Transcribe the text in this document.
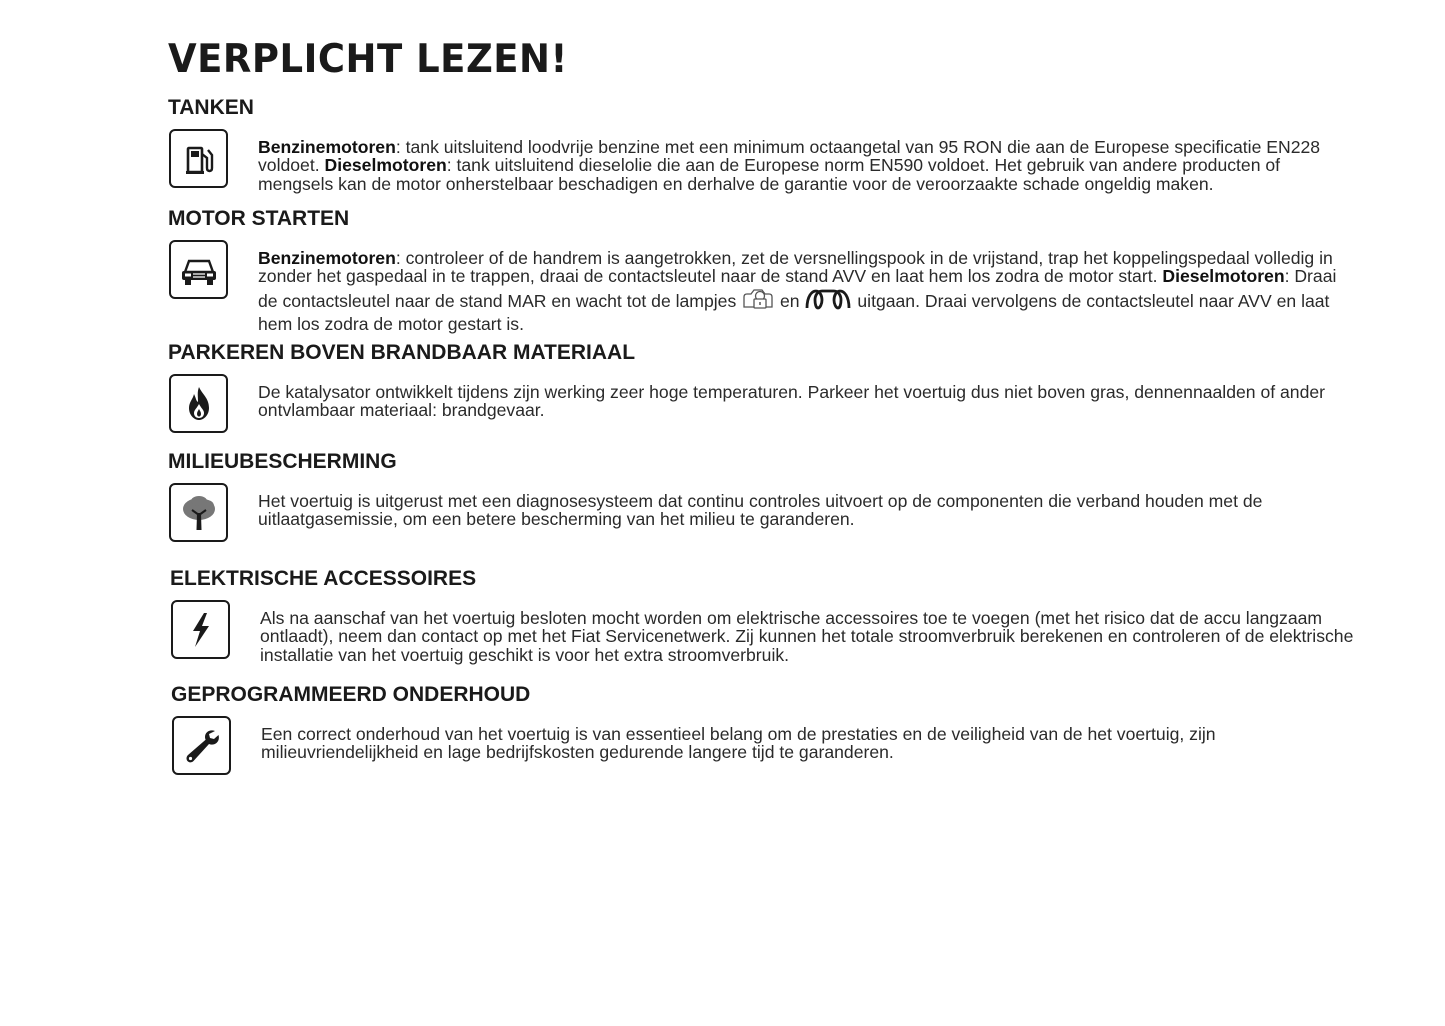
VERPLICHT LEZEN!
TANKEN

Benzinemotoren: tank uitsluitend loodvrije benzine met een minimum octaangetal van 95 RON die aan de Europese specificatie EN228 voldoet. Dieselmotoren: tank uitsluitend dieselolie die aan de Europese norm EN590 voldoet. Het gebruik van andere producten of mengsels kan de motor onherstelbaar beschadigen en derhalve de garantie voor de veroorzaakte schade ongeldig maken.

MOTOR STARTEN

Benzinemotoren: controleer of de handrem is aangetrokken, zet de versnellingspook in de vrijstand, trap het koppelingspedaal volledig in zonder het gaspedaal in te trappen, draai de contactsleutel naar de stand AVV en laat hem los zodra de motor start. Dieselmotoren: Draai de contactsleutel naar de stand MAR en wacht tot de lampjes  en	uitgaan. Draai vervolgens de contactsleutel naar AVV en laat hem los zodra de motor gestart is.

PARKEREN BOVEN BRANDBAAR MATERIAAL

De katalysator ontwikkelt tijdens zijn werking zeer hoge temperaturen. Parkeer het voertuig dus niet boven gras, dennennaalden of ander ontvlambaar materiaal: brandgevaar.

MILIEUBESCHERMING

Het voertuig is uitgerust met een diagnosesysteem dat continu controles uitvoert op de componenten die verband houden met de uitlaatgasemissie, om een betere bescherming van het milieu te garanderen.

ELEKTRISCHE ACCESSOIRES

Als na aanschaf van het voertuig besloten mocht worden om elektrische accessoires toe te voegen (met het risico dat de accu langzaam ontlaadt), neem dan contact op met het Fiat Servicenetwerk. Zij kunnen het totale stroomverbruik berekenen en controleren of de elektrische installatie van het voertuig geschikt is voor het extra stroomverbruik.

GEPROGRAMMEERD ONDERHOUD

Een correct onderhoud van het voertuig is van essentieel belang om de prestaties en de veiligheid van de het voertuig, zijn milieuvriendelijkheid en lage bedrijfskosten gedurende langere tijd te garanderen.
